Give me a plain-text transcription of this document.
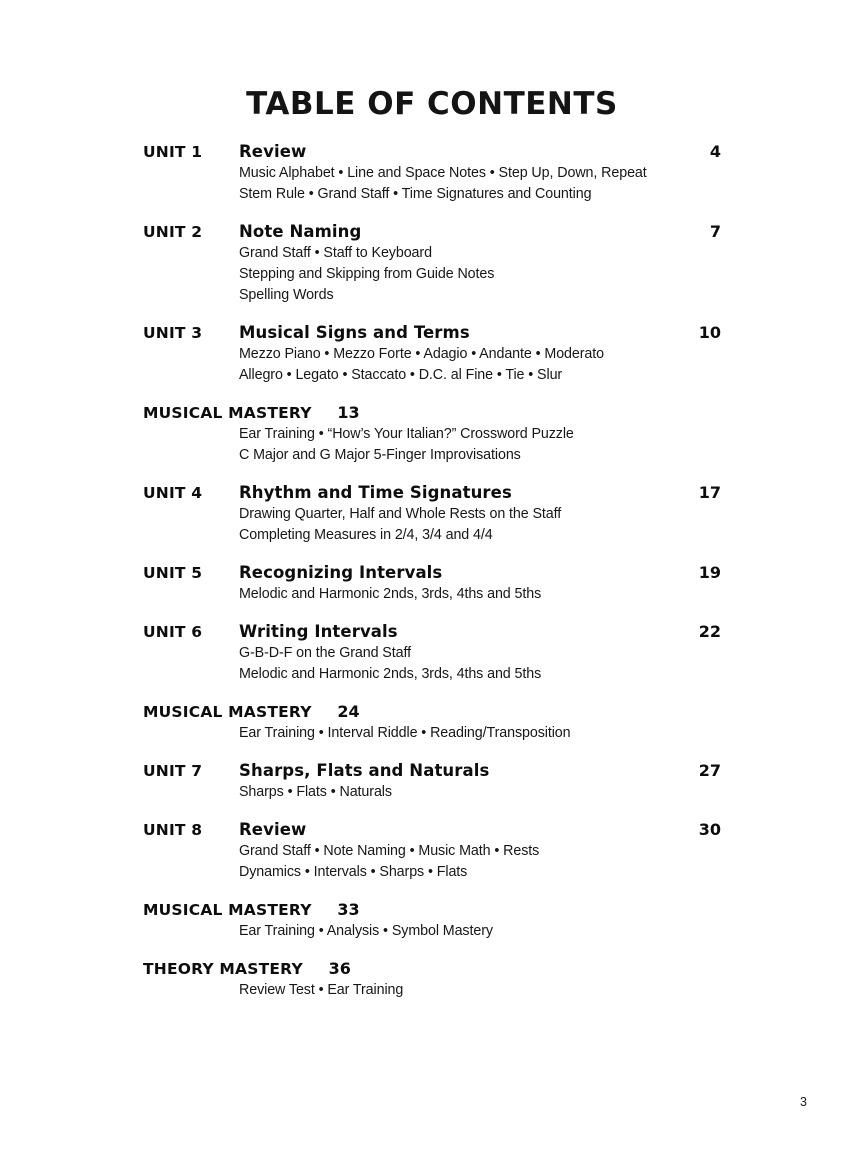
TABLE OF CONTENTS
UNIT 1	Review	4
Music Alphabet • Line and Space Notes • Step Up, Down, Repeat
Stem Rule • Grand Staff • Time Signatures and Counting
UNIT 2	Note Naming	7
Grand Staff • Staff to Keyboard
Stepping and Skipping from Guide Notes
Spelling Words
UNIT 3	Musical Signs and Terms	10
Mezzo Piano • Mezzo Forte • Adagio • Andante • Moderato
Allegro • Legato • Staccato • D.C. al Fine • Tie • Slur
MUSICAL MASTERY	13
Ear Training • “How’s Your Italian?” Crossword Puzzle
C Major and G Major 5-Finger Improvisations
UNIT 4	Rhythm and Time Signatures	17
Drawing Quarter, Half and Whole Rests on the Staff
Completing Measures in 2/4, 3/4 and 4/4
UNIT 5	Recognizing Intervals	19
Melodic and Harmonic 2nds, 3rds, 4ths and 5ths
UNIT 6	Writing Intervals	22
G-B-D-F on the Grand Staff
Melodic and Harmonic 2nds, 3rds, 4ths and 5ths
MUSICAL MASTERY	24
Ear Training • Interval Riddle • Reading/Transposition
UNIT 7	Sharps, Flats and Naturals	27
Sharps • Flats • Naturals
UNIT 8	Review	30
Grand Staff • Note Naming • Music Math • Rests
Dynamics • Intervals • Sharps • Flats
MUSICAL MASTERY	33
Ear Training • Analysis • Symbol Mastery
THEORY MASTERY	36
Review Test • Ear Training
3
